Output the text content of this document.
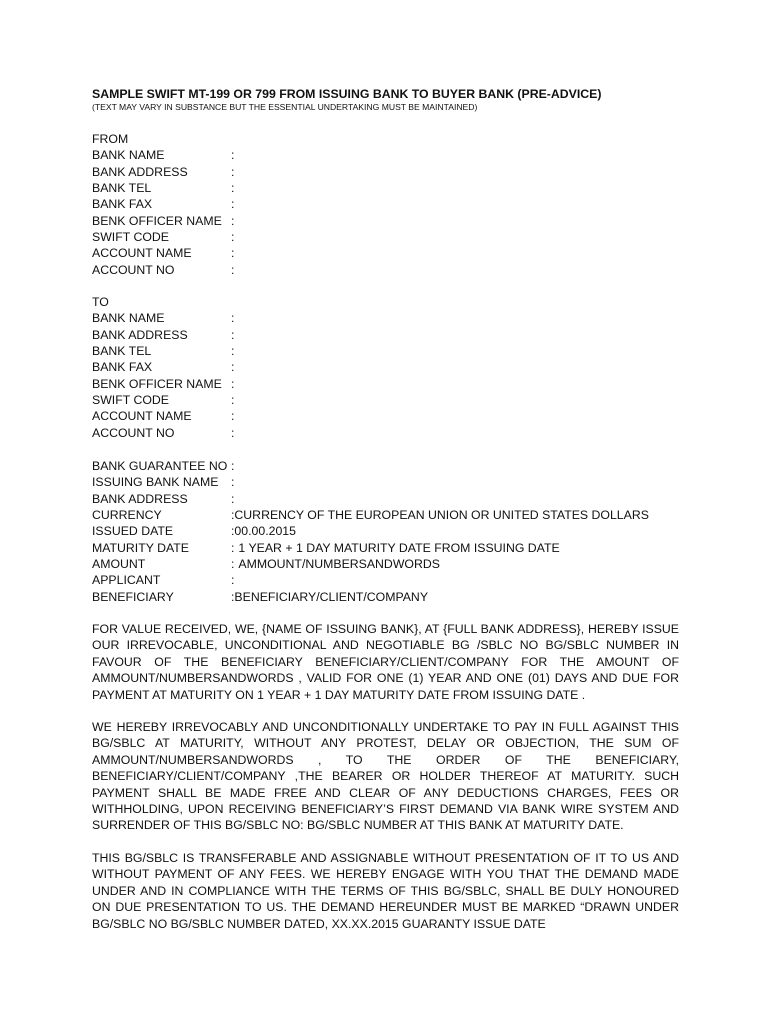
SAMPLE SWIFT MT-199 OR 799 FROM ISSUING BANK TO BUYER BANK (PRE-ADVICE)
(TEXT MAY VARY IN SUBSTANCE BUT THE ESSENTIAL UNDERTAKING MUST BE MAINTAINED)
FROM
BANK NAME	:
BANK ADDRESS	:
BANK TEL	:
BANK FAX	:
BENK OFFICER NAME :
SWIFT CODE	:
ACCOUNT NAME	:
ACCOUNT NO	:
TO
BANK NAME	:
BANK ADDRESS	:
BANK TEL	:
BANK FAX	:
BENK OFFICER NAME :
SWIFT CODE	:
ACCOUNT NAME	:
ACCOUNT NO	:
BANK GUARANTEE NO :
ISSUING BANK NAME	:
BANK ADDRESS	:
CURRENCY	: CURRENCY OF THE EUROPEAN UNION OR UNITED STATES DOLLARS
ISSUED DATE	: 00.00.2015
MATURITY DATE	: 1 YEAR + 1 DAY MATURITY DATE FROM ISSUING DATE
AMOUNT	: AMMOUNT/NUMBERSANDWORDS
APPLICANT	:
BENEFICIARY	: BENEFICIARY/CLIENT/COMPANY
FOR VALUE RECEIVED, WE, {NAME OF ISSUING BANK}, AT {FULL BANK ADDRESS}, HEREBY ISSUE OUR IRREVOCABLE, UNCONDITIONAL AND NEGOTIABLE BG /SBLC NO BG/SBLC NUMBER IN FAVOUR OF THE BENEFICIARY BENEFICIARY/CLIENT/COMPANY FOR THE AMOUNT OF AMMOUNT/NUMBERSANDWORDS , VALID FOR ONE (1) YEAR AND ONE (01) DAYS AND DUE FOR PAYMENT AT MATURITY ON 1 YEAR + 1 DAY MATURITY DATE FROM ISSUING DATE .
WE HEREBY IRREVOCABLY AND UNCONDITIONALLY UNDERTAKE TO PAY IN FULL AGAINST THIS BG/SBLC AT MATURITY, WITHOUT ANY PROTEST, DELAY OR OBJECTION, THE SUM OF AMMOUNT/NUMBERSANDWORDS , TO THE ORDER OF THE BENEFICIARY, BENEFICIARY/CLIENT/COMPANY ,THE BEARER OR HOLDER THEREOF AT MATURITY. SUCH PAYMENT SHALL BE MADE FREE AND CLEAR OF ANY DEDUCTIONS CHARGES, FEES OR WITHHOLDING, UPON RECEIVING BENEFICIARY’S FIRST DEMAND VIA BANK WIRE SYSTEM AND SURRENDER OF THIS BG/SBLC NO: BG/SBLC NUMBER AT THIS BANK AT MATURITY DATE.
THIS BG/SBLC IS TRANSFERABLE AND ASSIGNABLE WITHOUT PRESENTATION OF IT TO US AND WITHOUT PAYMENT OF ANY FEES. WE HEREBY ENGAGE WITH YOU THAT THE DEMAND MADE UNDER AND IN COMPLIANCE WITH THE TERMS OF THIS BG/SBLC, SHALL BE DULY HONOURED ON DUE PRESENTATION TO US. THE DEMAND HEREUNDER MUST BE MARKED “DRAWN UNDER BG/SBLC NO BG/SBLC NUMBER DATED, XX.XX.2015 GUARANTY ISSUE DATE
